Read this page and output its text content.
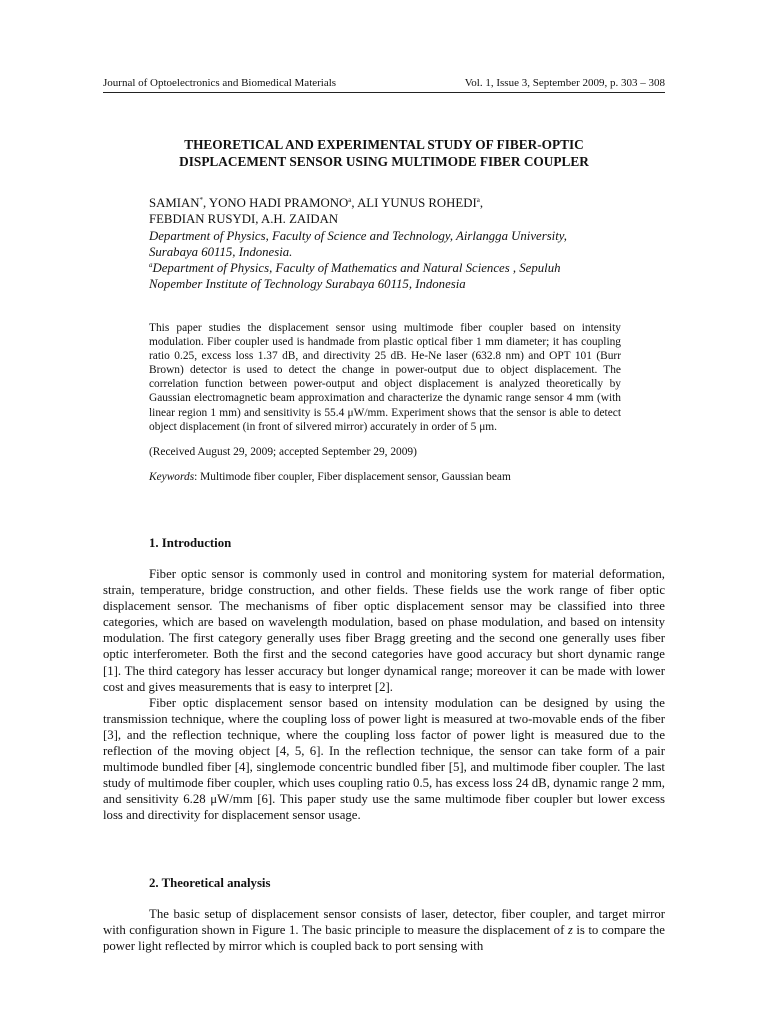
Journal of Optoelectronics and Biomedical Materials	Vol. 1, Issue 3, September 2009, p. 303 – 308
THEORETICAL AND EXPERIMENTAL STUDY OF FIBER-OPTIC
DISPLACEMENT SENSOR USING MULTIMODE FIBER COUPLER
SAMIAN*, YONO HADI PRAMONO$^a$, ALI YUNUS ROHEDI$^a$,
FEBDIAN RUSYDI, A.H. ZAIDAN
Department of Physics, Faculty of Science and Technology, Airlangga University,
Surabaya 60115, Indonesia.
$^a$Department of Physics, Faculty of Mathematics and Natural Sciences , Sepuluh
Nopember Institute of Technology Surabaya 60115, Indonesia

This paper studies the displacement sensor using multimode fiber coupler based on intensity modulation. Fiber coupler used is handmade from plastic optical fiber 1 mm diameter; it has coupling ratio 0.25, excess loss 1.37 dB, and directivity 25 dB. He-Ne laser (632.8 nm) and OPT 101 (Burr Brown) detector is used to detect the change in power-output due to object displacement. The correlation function between power-output and object displacement is analyzed theoretically by Gaussian electromagnetic beam approximation and characterize the dynamic range sensor 4 mm (with linear region 1 mm) and sensitivity is 55.4 μW/mm. Experiment shows that the sensor is able to detect object displacement (in front of silvered mirror) accurately in order of 5 μm.

(Received August 29, 2009; accepted September 29, 2009)

Keywords: Multimode fiber coupler, Fiber displacement sensor, Gaussian beam

1. Introduction

Fiber optic sensor is commonly used in control and monitoring system for material deformation, strain, temperature, bridge construction, and other fields. These fields use the work range of fiber optic displacement sensor. The mechanisms of fiber optic displacement sensor may be classified into three categories, which are based on wavelength modulation, based on phase modulation, and based on intensity modulation. The first category generally uses fiber Bragg greeting and the second one generally uses fiber optic interferometer. Both the first and the second categories have good accuracy but short dynamic range [1]. The third category has lesser accuracy but longer dynamical range; moreover it can be made with lower cost and gives measurements that is easy to interpret [2].

Fiber optic displacement sensor based on intensity modulation can be designed by using the transmission technique, where the coupling loss of power light is measured at two-movable ends of the fiber [3], and the reflection technique, where the coupling loss factor of power light is measured due to the reflection of the moving object [4, 5, 6]. In the reflection technique, the sensor can take form of a pair multimode bundled fiber [4], singlemode concentric bundled fiber [5], and multimode fiber coupler. The last study of multimode fiber coupler, which uses coupling ratio 0.5, has excess loss 24 dB, dynamic range 2 mm, and sensitivity 6.28 μW/mm [6]. This paper study use the same multimode fiber coupler but lower excess loss and directivity for displacement sensor usage.

2. Theoretical analysis

The basic setup of displacement sensor consists of laser, detector, fiber coupler, and target mirror with configuration shown in Figure 1. The basic principle to measure the displacement of z is to compare the power light reflected by mirror which is coupled back to port sensing with
